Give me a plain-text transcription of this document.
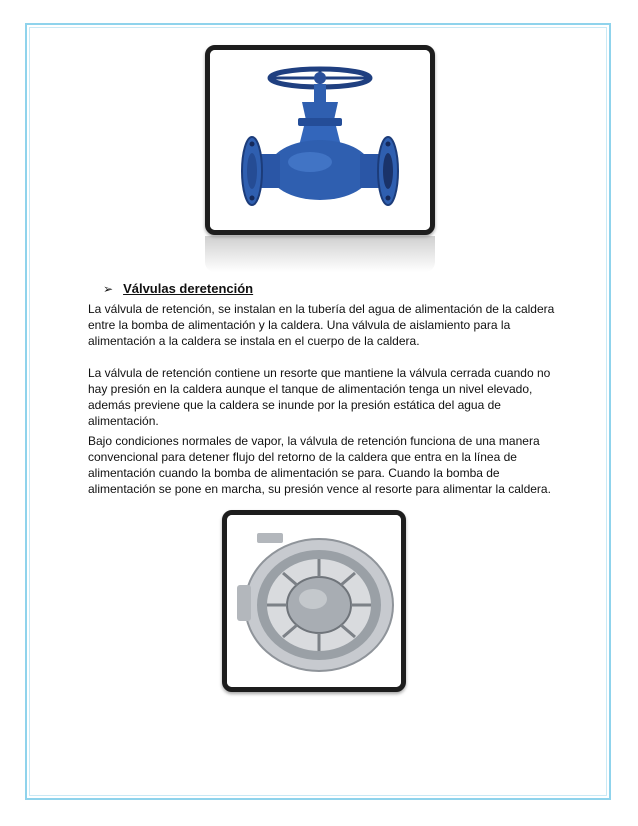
➢ Válvulas deretención

La válvula de retención, se instalan en la tubería del agua de alimentación de la caldera entre la bomba de alimentación y la caldera. Una válvula de aislamiento para la alimentación a la caldera se instala en el cuerpo de la caldera.

La válvula de retención contiene un resorte que mantiene la válvula cerrada cuando no hay presión en la caldera aunque el tanque de alimentación tenga un nivel elevado, además previene que la caldera se inunde por la presión estática del agua de alimentación.

Bajo condiciones normales de vapor, la válvula de retención funciona de una manera convencional para detener flujo del retorno de la caldera que entra en la línea de alimentación cuando la bomba de alimentación se para. Cuando la bomba de alimentación se pone en marcha, su presión vence al resorte para alimentar la caldera.
